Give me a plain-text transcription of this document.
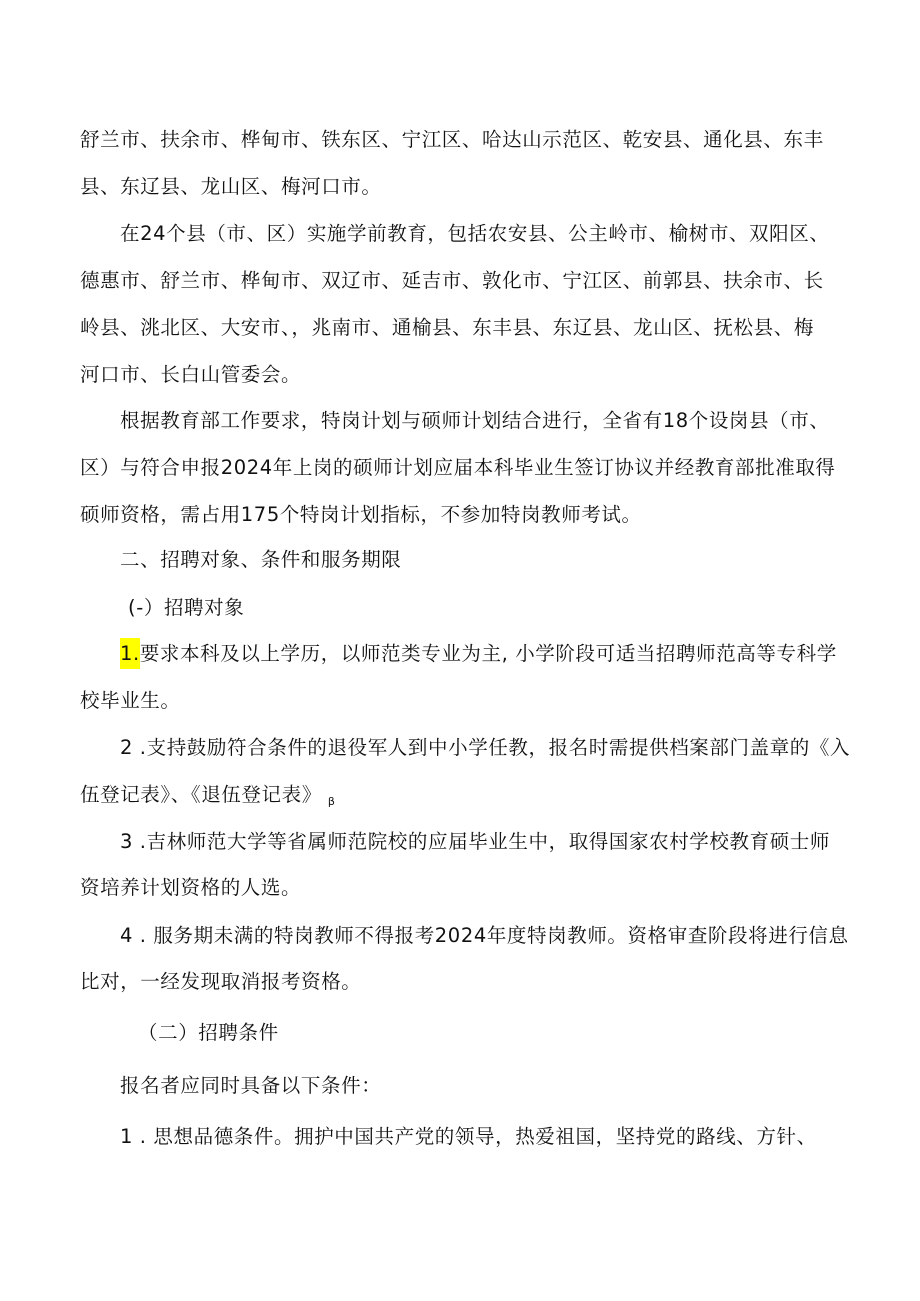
舒兰市、扶余市、桦甸市、铁东区、宁江区、哈达山示范区、乾安县、通化县、东丰
县、东辽县、龙山区、梅河口市。
在24个县（市、区）实施学前教育，包括农安县、公主岭市、榆树市、双阳区、
德惠市、舒兰市、桦甸市、双辽市、延吉市、敦化市、宁江区、前郭县、扶余市、长
岭县、洮北区、大安市、，兆南市、通榆县、东丰县、东辽县、龙山区、抚松县、梅
河口市、长白山管委会。
根据教育部工作要求，特岗计划与硕师计划结合进行，全省有18个设岗县（市、
区）与符合申报2024年上岗的硕师计划应届本科毕业生签订协议并经教育部批准取得
硕师资格，需占用175个特岗计划指标，不参加特岗教师考试。
二、招聘对象、条件和服务期限
(-）招聘对象
1.要求本科及以上学历，以师范类专业为主, 小学阶段可适当招聘师范高等专科学
校毕业生。
2 .支持鼓励符合条件的退役军人到中小学任教，报名时需提供档案部门盖章的《入
伍登记表》、《退伍登记表》 $_\beta$
3 .吉林师范大学等省属师范院校的应届毕业生中，取得国家农村学校教育硕士师
资培养计划资格的人选。
4 . 服务期未满的特岗教师不得报考2024年度特岗教师。资格审查阶段将进行信息
比对，一经发现取消报考资格。
（二）招聘条件
报名者应同时具备以下条件：
1 . 思想品德条件。拥护中国共产党的领导，热爱祖国，坚持党的路线、方针、
